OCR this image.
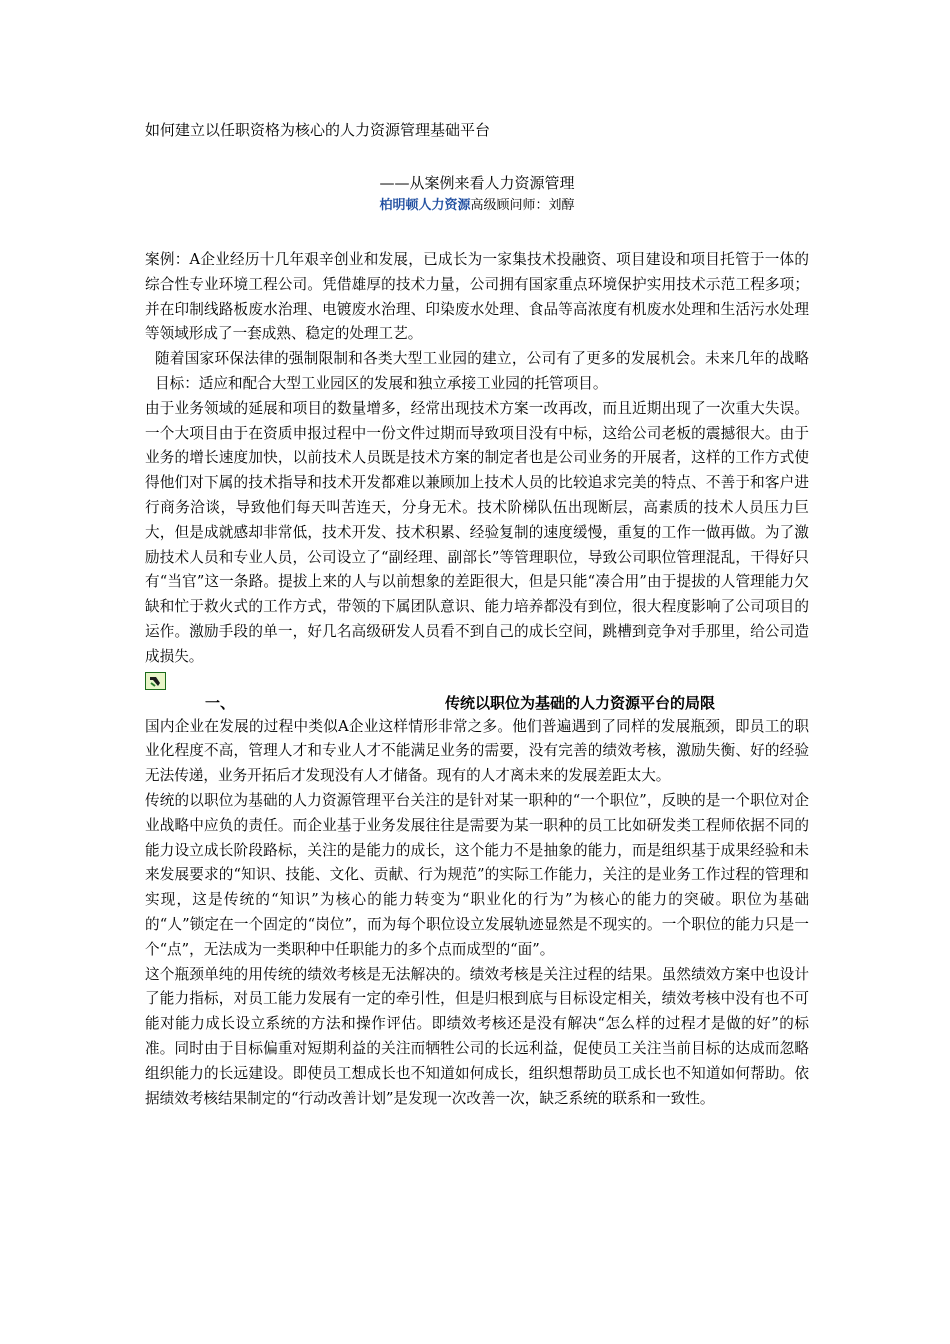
如何建立以任职资格为核心的人力资源管理基础平台

——从案例来看人力资源管理
柏明顿人力资源高级顾问师：刘醇

案例：A企业经历十几年艰辛创业和发展，已成长为一家集技术投融资、项目建设和项目托管于一体的综合性专业环境工程公司。凭借雄厚的技术力量，公司拥有国家重点环境保护实用技术示范工程多项；并在印制线路板废水治理、电镀废水治理、印染废水处理、食品等高浓度有机废水处理和生活污水处理等领域形成了一套成熟、稳定的处理工艺。

随着国家环保法律的强制限制和各类大型工业园的建立，公司有了更多的发展机会。未来几年的战略目标：适应和配合大型工业园区的发展和独立承接工业园的托管项目。

由于业务领域的延展和项目的数量增多，经常出现技术方案一改再改，而且近期出现了一次重大失误。一个大项目由于在资质申报过程中一份文件过期而导致项目没有中标，这给公司老板的震撼很大。由于业务的增长速度加快，以前技术人员既是技术方案的制定者也是公司业务的开展者，这样的工作方式使得他们对下属的技术指导和技术开发都难以兼顾加上技术人员的比较追求完美的特点、不善于和客户进行商务洽谈，导致他们每天叫苦连天，分身无术。技术阶梯队伍出现断层，高素质的技术人员压力巨大，但是成就感却非常低，技术开发、技术积累、经验复制的速度缓慢，重复的工作一做再做。为了激励技术人员和专业人员，公司设立了“副经理、副部长”等管理职位，导致公司职位管理混乱，干得好只有“当官”这一条路。提拔上来的人与以前想象的差距很大，但是只能“凑合用”由于提拔的人管理能力欠缺和忙于救火式的工作方式，带领的下属团队意识、能力培养都没有到位，很大程度影响了公司项目的运作。激励手段的单一，好几名高级研发人员看不到自己的成长空间，跳槽到竞争对手那里，给公司造成损失。

一、	传统以职位为基础的人力资源平台的局限

国内企业在发展的过程中类似A企业这样情形非常之多。他们普遍遇到了同样的发展瓶颈，即员工的职业化程度不高，管理人才和专业人才不能满足业务的需要，没有完善的绩效考核，激励失衡、好的经验无法传递，业务开拓后才发现没有人才储备。现有的人才离未来的发展差距太大。

传统的以职位为基础的人力资源管理平台关注的是针对某一职种的“一个职位”，反映的是一个职位对企业战略中应负的责任。而企业基于业务发展往往是需要为某一职种的员工比如研发类工程师依据不同的能力设立成长阶段路标，关注的是能力的成长，这个能力不是抽象的能力，而是组织基于成果经验和未来发展要求的“知识、技能、文化、贡献、行为规范”的实际工作能力，关注的是业务工作过程的管理和实现，这是传统的“知识”为核心的能力转变为“职业化的行为”为核心的能力的突破。职位为基础的“人”锁定在一个固定的“岗位”，而为每个职位设立发展轨迹显然是不现实的。一个职位的能力只是一个“点”，无法成为一类职种中任职能力的多个点而成型的“面”。

这个瓶颈单纯的用传统的绩效考核是无法解决的。绩效考核是关注过程的结果。虽然绩效方案中也设计了能力指标，对员工能力发展有一定的牵引性，但是归根到底与目标设定相关，绩效考核中没有也不可能对能力成长设立系统的方法和操作评估。即绩效考核还是没有解决“怎么样的过程才是做的好”的标准。同时由于目标偏重对短期利益的关注而牺牲公司的长远利益，促使员工关注当前目标的达成而忽略组织能力的长远建设。即使员工想成长也不知道如何成长，组织想帮助员工成长也不知道如何帮助。依据绩效考核结果制定的“行动改善计划”是发现一次改善一次，缺乏系统的联系和一致性。
